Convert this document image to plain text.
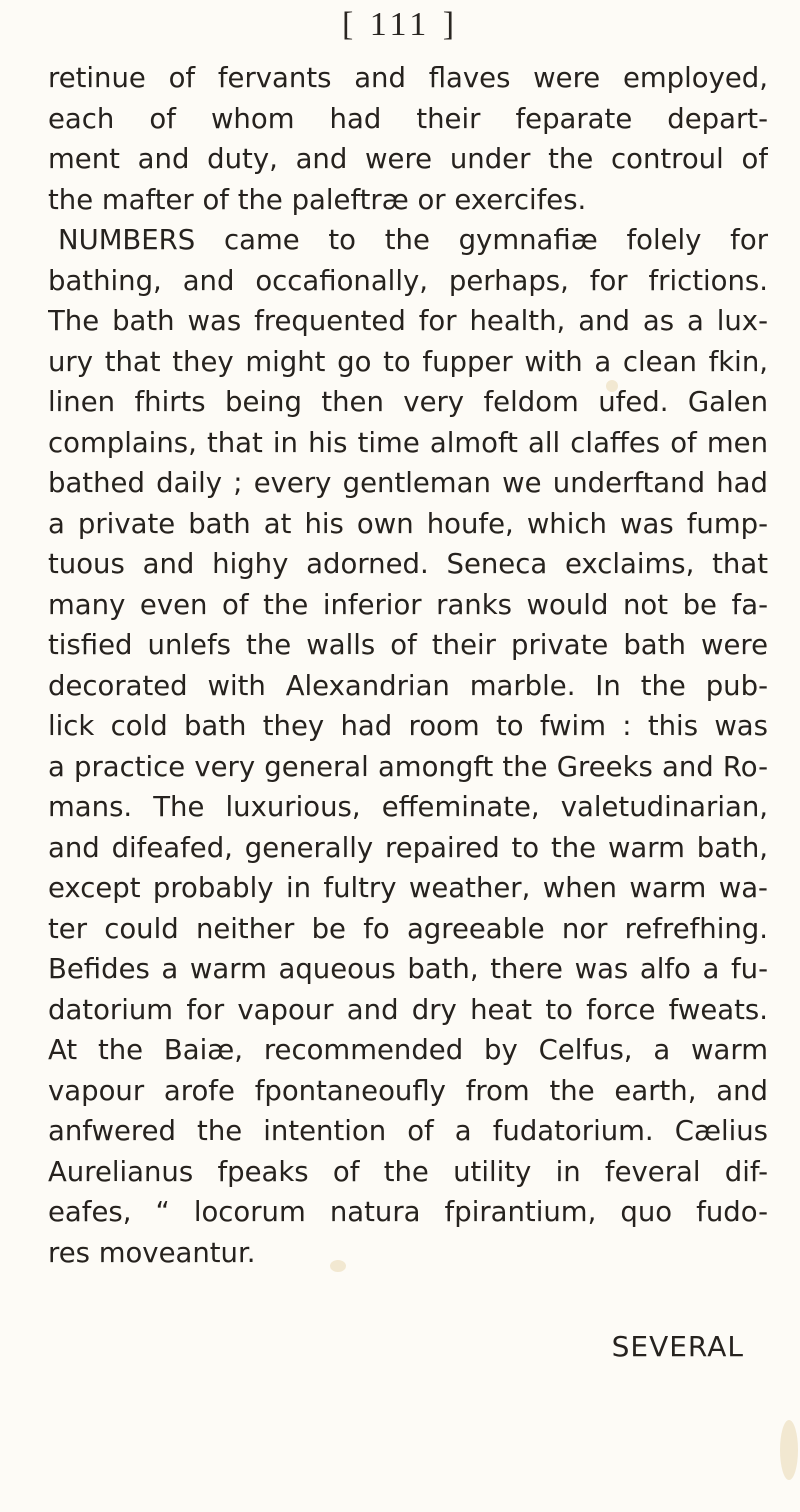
[ 111 ]
retinue of fervants and flaves were employed,
each of whom had their feparate depart-
ment and duty, and were under the controul of
the mafter of the paleftræ or exercifes.
NUMBERS came to the gymnafiæ folely for
bathing, and occafionally, perhaps, for frictions.
The bath was frequented for health, and as a lux-
ury that they might go to fupper with a clean fkin,
linen fhirts being then very feldom ufed. Galen
complains, that in his time almoft all claffes of men
bathed daily ; every gentleman we underftand had
a private bath at his own houfe, which was fump-
tuous and highy adorned. Seneca exclaims, that
many even of the inferior ranks would not be fa-
tisfied unlefs the walls of their private bath were
decorated with Alexandrian marble. In the pub-
lick cold bath they had room to fwim : this was
a practice very general amongft the Greeks and Ro-
mans. The luxurious, effeminate, valetudinarian,
and difeafed, generally repaired to the warm bath,
except probably in fultry weather, when warm wa-
ter could neither be fo agreeable nor refrefhing.
Befides a warm aqueous bath, there was alfo a fu-
datorium for vapour and dry heat to force fweats.
At the Baiæ, recommended by Celfus, a warm
vapour arofe fpontaneoufly from the earth, and
anfwered the intention of a fudatorium. Cælius
Aurelianus fpeaks of the utility in feveral dif-
eafes, “ locorum natura fpirantium, quo fudo-
res moveantur.
SEVERAL
